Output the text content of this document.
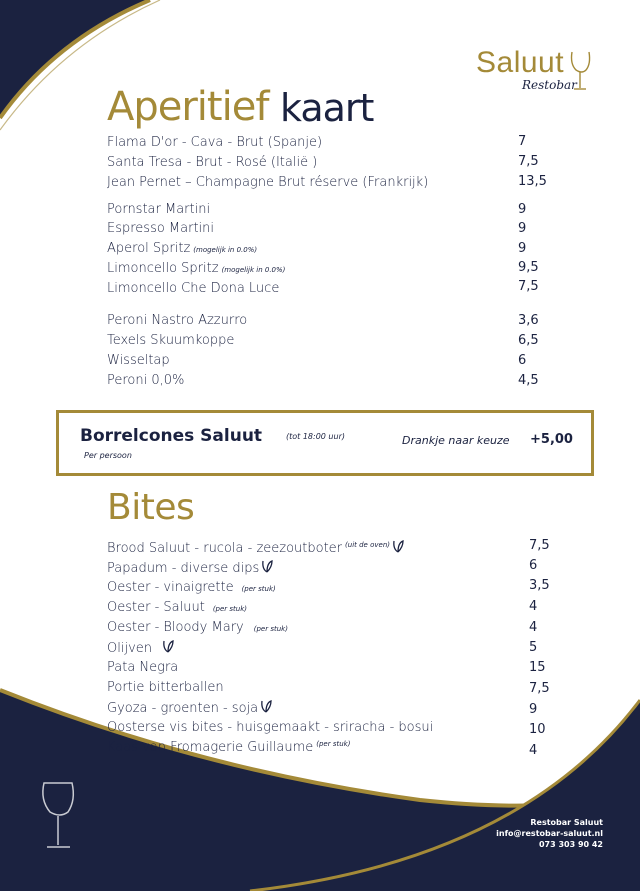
Saluut
Restobar
Aperitief kaart
Flama D'or - Cava - Brut (Spanje)	7
Santa Tresa - Brut - Rosé (Italië )	7,5
Jean Pernet – Champagne Brut réserve (Frankrijk)	13,5
Pornstar Martini	9
Espresso Martini	9
Aperol Spritz (mogelijk in 0.0%)	9
Limoncello Spritz (mogelijk in 0.0%)	9,5
Limoncello Che Dona Luce	7,5
Peroni Nastro Azzurro	3,6
Texels Skuumkoppe	6,5
Wisseltap	6
Peroni 0,0%	4,5
Borrelcones Saluut	(tot 18:00 uur)
Per persoon
Drankje naar keuze +5,00
Bites
Brood Saluut - rucola - zeezoutboter $^{(uit de oven)}$	7,5
Papadum - diverse dips	6
Oester - vinaigrette (per stuk)	3,5
Oester - Saluut (per stuk)	4
Oester - Bloody Mary (per stuk)	4
Olijven	5
Pata Negra	15
Portie bitterballen	7,5
Gyoza - groenten - soja	9
Oosterse vis bites - huisgemaakt - sriracha - bosui	10
Kaas van Fromagerie Guillaume $^{(per stuk)}$	4
Restobar Saluut
info@restobar-saluut.nl
073 303 90 42
